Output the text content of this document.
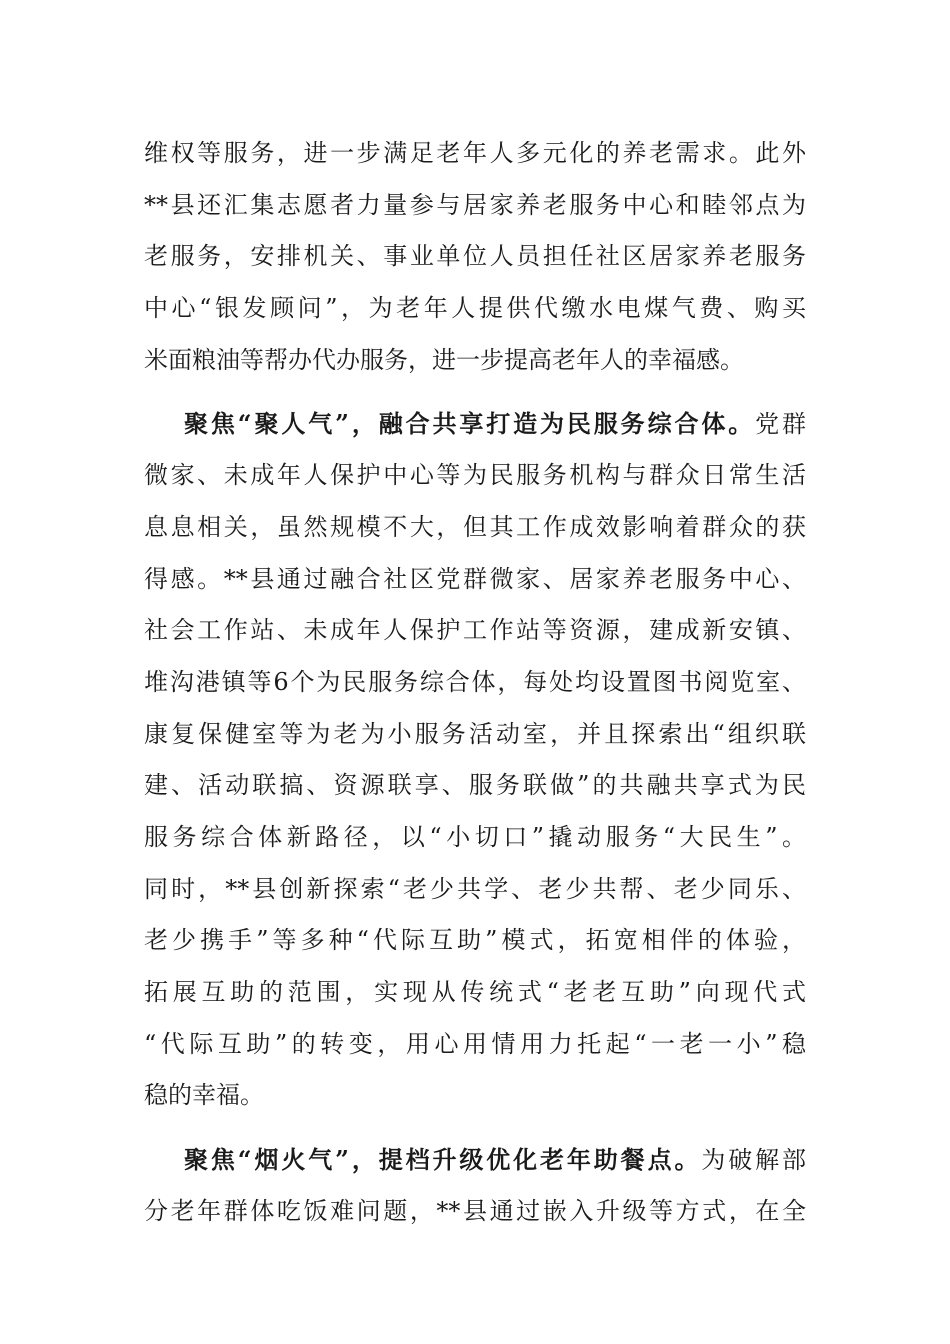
维权等服务，进一步满足老年人多元化的养老需求。此外
**县还汇集志愿者力量参与居家养老服务中心和睦邻点为
老服务，安排机关、事业单位人员担任社区居家养老服务
中心“银发顾问”，为老年人提供代缴水电煤气费、购买
米面粮油等帮办代办服务，进一步提高老年人的幸福感。
聚焦“聚人气”，融合共享打造为民服务综合体。党群
微家、未成年人保护中心等为民服务机构与群众日常生活
息息相关，虽然规模不大，但其工作成效影响着群众的获
得感。**县通过融合社区党群微家、居家养老服务中心、
社会工作站、未成年人保护工作站等资源，建成新安镇、
堆沟港镇等6个为民服务综合体，每处均设置图书阅览室、
康复保健室等为老为小服务活动室，并且探索出“组织联
建、活动联搞、资源联享、服务联做”的共融共享式为民
服务综合体新路径，以“小切口”撬动服务“大民生”。
同时，**县创新探索“老少共学、老少共帮、老少同乐、
老少携手”等多种“代际互助”模式，拓宽相伴的体验，
拓展互助的范围，实现从传统式“老老互助”向现代式
“代际互助”的转变，用心用情用力托起“一老一小”稳
稳的幸福。
聚焦“烟火气”，提档升级优化老年助餐点。为破解部
分老年群体吃饭难问题，**县通过嵌入升级等方式，在全
